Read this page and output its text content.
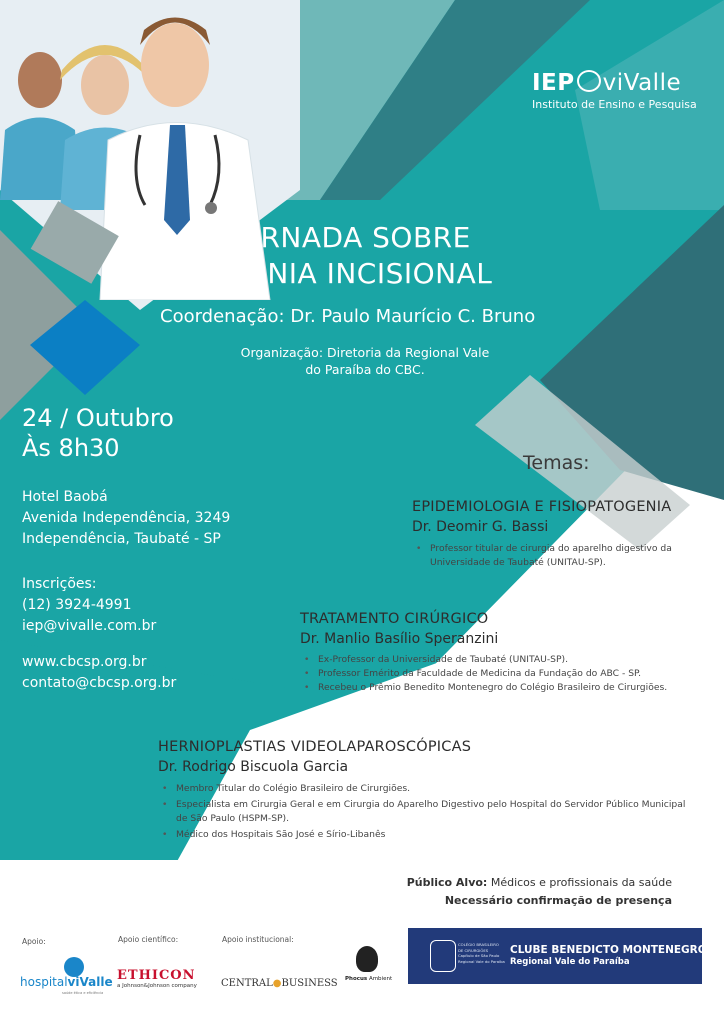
IEP viValle
Instituto de Ensino e Pesquisa
JORNADA SOBRE
HÉRNIA INCISIONAL
Coordenação: Dr. Paulo Maurício C. Bruno
Organização: Diretoria da Regional Vale
do Paraíba do CBC.
24 / Outubro
Às 8h30
Hotel Baobá
Avenida Independência, 3249
Independência, Taubaté - SP
Inscrições:
(12) 3924-4991
iep@vivalle.com.br
www.cbcsp.org.br
contato@cbcsp.org.br
Temas:
EPIDEMIOLOGIA E FISIOPATOGENIA
Dr. Deomir G. Bassi
• Professor titular de cirurgia do aparelho digestivo da Universidade de Taubaté (UNITAU-SP).
TRATAMENTO CIRÚRGICO
Dr. Manlio Basílio Speranzini
• Ex-Professor da Universidade de Taubaté (UNITAU-SP).
• Professor Emérito da Faculdade de Medicina da Fundação do ABC - SP.
• Recebeu o Prêmio Benedito Montenegro do Colégio Brasileiro de Cirurgiões.
HERNIOPLASTIAS VIDEOLAPAROSCÓPICAS
Dr. Rodrigo Biscuola Garcia
• Membro Titular do Colégio Brasileiro de Cirurgiões.
• Especialista em Cirurgia Geral e em Cirurgia do Aparelho Digestivo pelo Hospital do Servidor Público Municipal de São Paulo (HSPM-SP).
• Médico dos Hospitais São José e Sírio-Libanês
Público Alvo: Médicos e profissionais da saúde
Necessário confirmação de presença
Apoio:	Apoio científico:	Apoio institucional:
hospitalviValle
saúde ética e eficiência
ETHICON
a Johnson&Johnson company	CENTRAL●BUSINESS Phocus Ambient
COLÉGIO BRASILEIRO
DE CIRURGIÕES
Capítulo de São Paulo
Regional Vale do Paraíba
CLUBE BENEDICTO MONTENEGRO
Regional Vale do Paraíba
